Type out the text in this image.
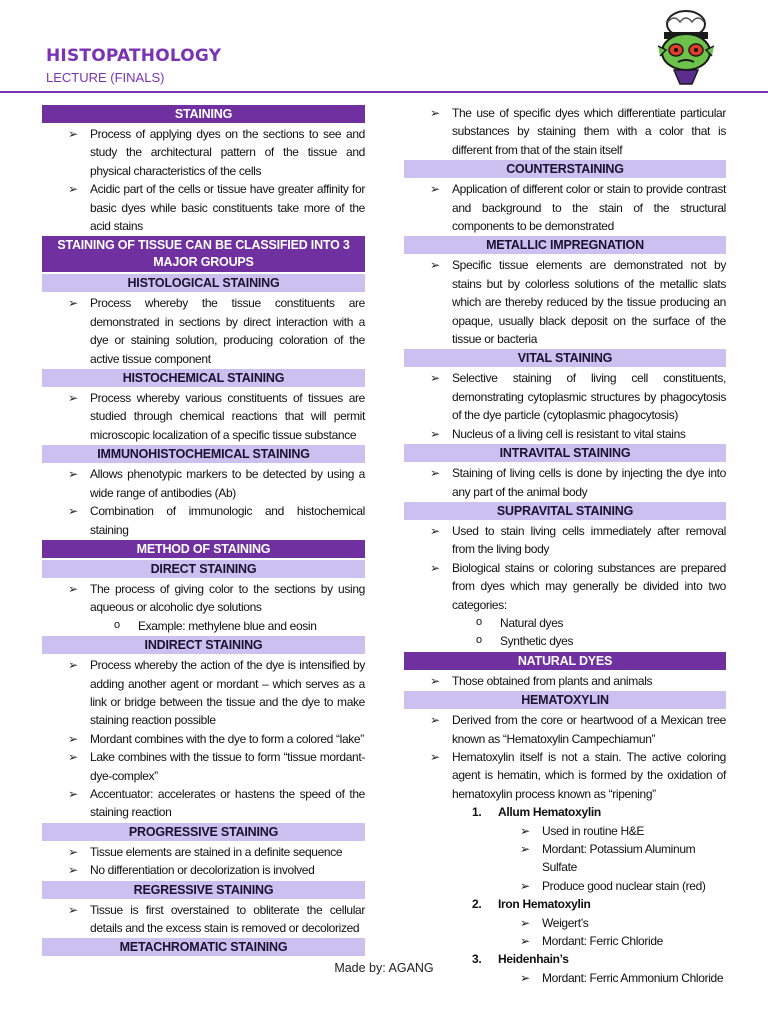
HISTOPATHOLOGY
LECTURE (FINALS)
STAINING
➢ Process of applying dyes on the sections to see and study the architectural pattern of the tissue and physical characteristics of the cells
➢ Acidic part of the cells or tissue have greater affinity for basic dyes while basic constituents take more of the acid stains
STAINING OF TISSUE CAN BE CLASSIFIED INTO 3 MAJOR GROUPS
HISTOLOGICAL STAINING
➢ Process whereby the tissue constituents are demonstrated in sections by direct interaction with a dye or staining solution, producing coloration of the active tissue component
HISTOCHEMICAL STAINING
➢ Process whereby various constituents of tissues are studied through chemical reactions that will permit microscopic localization of a specific tissue substance
IMMUNOHISTOCHEMICAL STAINING
➢ Allows phenotypic markers to be detected by using a wide range of antibodies (Ab)
➢ Combination of immunologic and histochemical staining
METHOD OF STAINING
DIRECT STAINING
➢ The process of giving color to the sections by using aqueous or alcoholic dye solutions
o Example: methylene blue and eosin
INDIRECT STAINING
➢ Process whereby the action of the dye is intensified by adding another agent or mordant – which serves as a link or bridge between the tissue and the dye to make staining reaction possible
➢ Mordant combines with the dye to form a colored “lake”
➢ Lake combines with the tissue to form “tissue mordant-dye-complex”
➢ Accentuator: accelerates or hastens the speed of the staining reaction
PROGRESSIVE STAINING
➢ Tissue elements are stained in a definite sequence
➢ No differentiation or decolorization is involved
REGRESSIVE STAINING
➢ Tissue is first overstained to obliterate the cellular details and the excess stain is removed or decolorized
METACHROMATIC STAINING
➢ The use of specific dyes which differentiate particular substances by staining them with a color that is different from that of the stain itself
COUNTERSTAINING
➢ Application of different color or stain to provide contrast and background to the stain of the structural components to be demonstrated
METALLIC IMPREGNATION
➢ Specific tissue elements are demonstrated not by stains but by colorless solutions of the metallic slats which are thereby reduced by the tissue producing an opaque, usually black deposit on the surface of the tissue or bacteria
VITAL STAINING
➢ Selective staining of living cell constituents, demonstrating cytoplasmic structures by phagocytosis of the dye particle (cytoplasmic phagocytosis)
➢ Nucleus of a living cell is resistant to vital stains
INTRAVITAL STAINING
➢ Staining of living cells is done by injecting the dye into any part of the animal body
SUPRAVITAL STAINING
➢ Used to stain living cells immediately after removal from the living body
➢ Biological stains or coloring substances are prepared from dyes which may generally be divided into two categories:
o Natural dyes
o Synthetic dyes
NATURAL DYES
➢ Those obtained from plants and animals
HEMATOXYLIN
➢ Derived from the core or heartwood of a Mexican tree known as “Hematoxylin Campechiamun”
➢ Hematoxylin itself is not a stain. The active coloring agent is hematin, which is formed by the oxidation of hematoxylin process known as “ripening”
1. Allum Hematoxylin
➢ Used in routine H&E
➢ Mordant: Potassium Aluminum Sulfate
➢ Produce good nuclear stain (red)
2. Iron Hematoxylin
➢ Weigert’s
➢ Mordant: Ferric Chloride
3. Heidenhain’s
➢ Mordant: Ferric Ammonium Chloride
Made by: AGANG
